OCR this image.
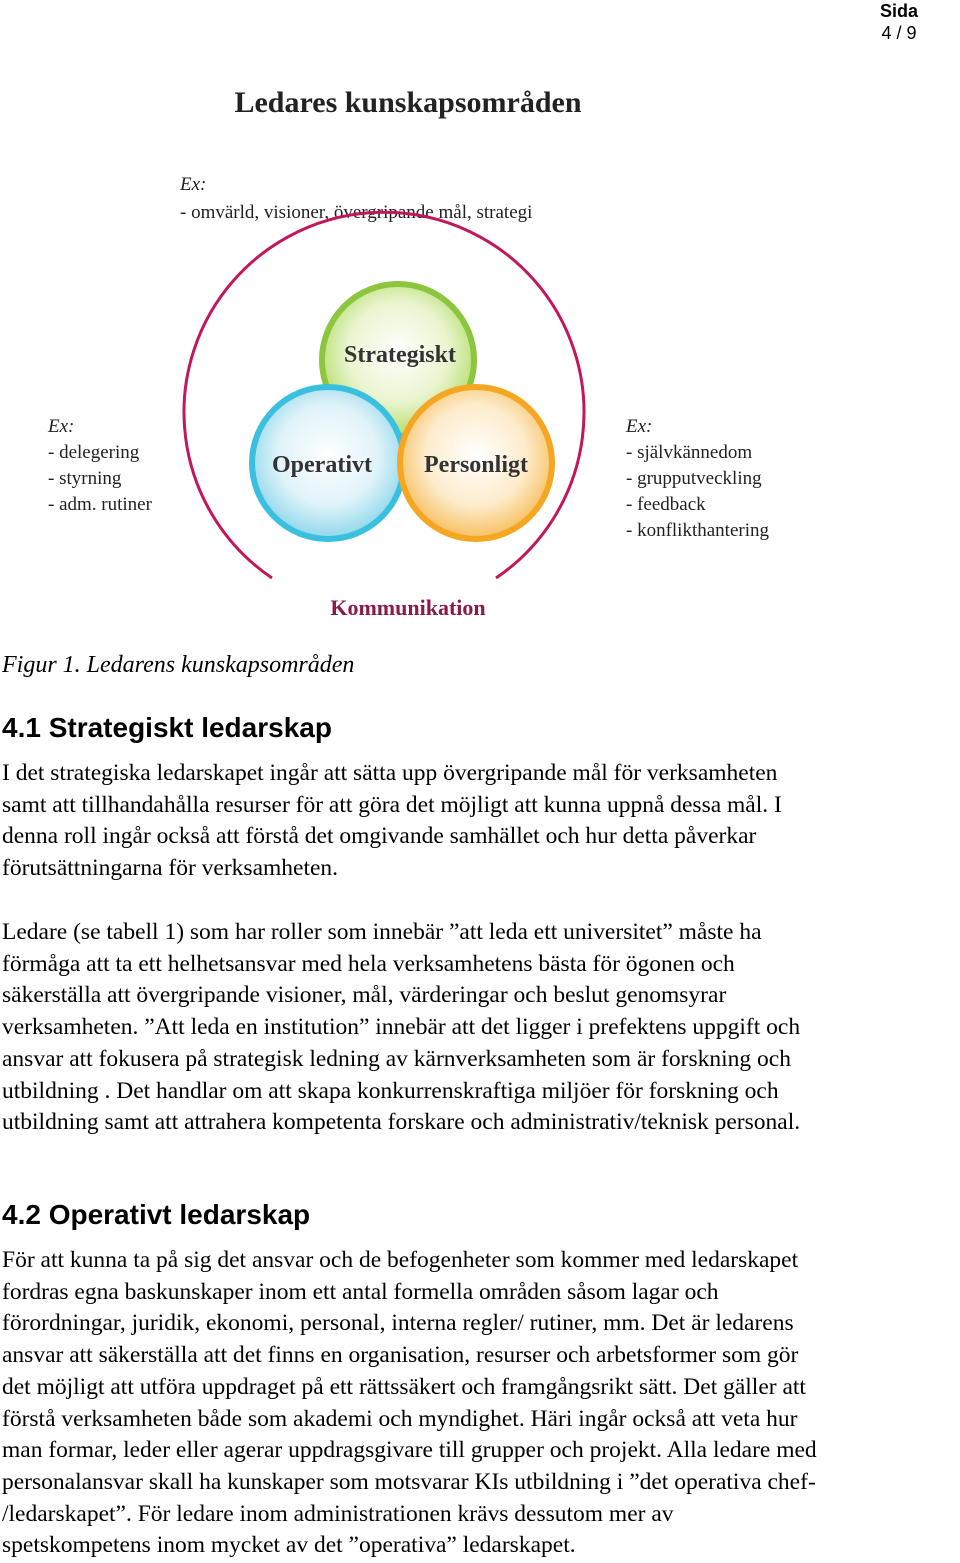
Sida
4 / 9
Ledares kunskapsområden
Ex:
- omvärld, visioner, övergripande mål, strategi
Ex:
- delegering
- styrning
- adm. rutiner
Ex:
- självkännedom
- grupputveckling
- feedback
- konflikthantering
Strategiskt
Operativt Personligt
Kommunikation
Figur 1. Ledarens kunskapsområden
4.1 Strategiskt ledarskap

I det strategiska ledarskapet ingår att sätta upp övergripande mål för verksamheten
samt att tillhandahålla resurser för att göra det möjligt att kunna uppnå dessa mål. I
denna roll ingår också att förstå det omgivande samhället och hur detta påverkar
förutsättningarna för verksamheten.

Ledare (se tabell 1) som har roller som innebär ”att leda ett universitet” måste ha
förmåga att ta ett helhetsansvar med hela verksamhetens bästa för ögonen och
säkerställa att övergripande visioner, mål, värderingar och beslut genomsyrar
verksamheten. ”Att leda en institution” innebär att det ligger i prefektens uppgift och
ansvar att fokusera på strategisk ledning av kärnverksamheten som är forskning och
utbildning . Det handlar om att skapa konkurrenskraftiga miljöer för forskning och
utbildning samt att attrahera kompetenta forskare och administrativ/teknisk personal.

4.2 Operativt ledarskap

För att kunna ta på sig det ansvar och de befogenheter som kommer med ledarskapet
fordras egna baskunskaper inom ett antal formella områden såsom lagar och
förordningar, juridik, ekonomi, personal, interna regler/ rutiner, mm. Det är ledarens
ansvar att säkerställa att det finns en organisation, resurser och arbetsformer som gör
det möjligt att utföra uppdraget på ett rättssäkert och framgångsrikt sätt. Det gäller att
förstå verksamheten både som akademi och myndighet. Häri ingår också att veta hur
man formar, leder eller agerar uppdragsgivare till grupper och projekt. Alla ledare med
personalansvar skall ha kunskaper som motsvarar KIs utbildning i ”det operativa chef-
/ledarskapet”. För ledare inom administrationen krävs dessutom mer av
spetskompetens inom mycket av det ”operativa” ledarskapet.
